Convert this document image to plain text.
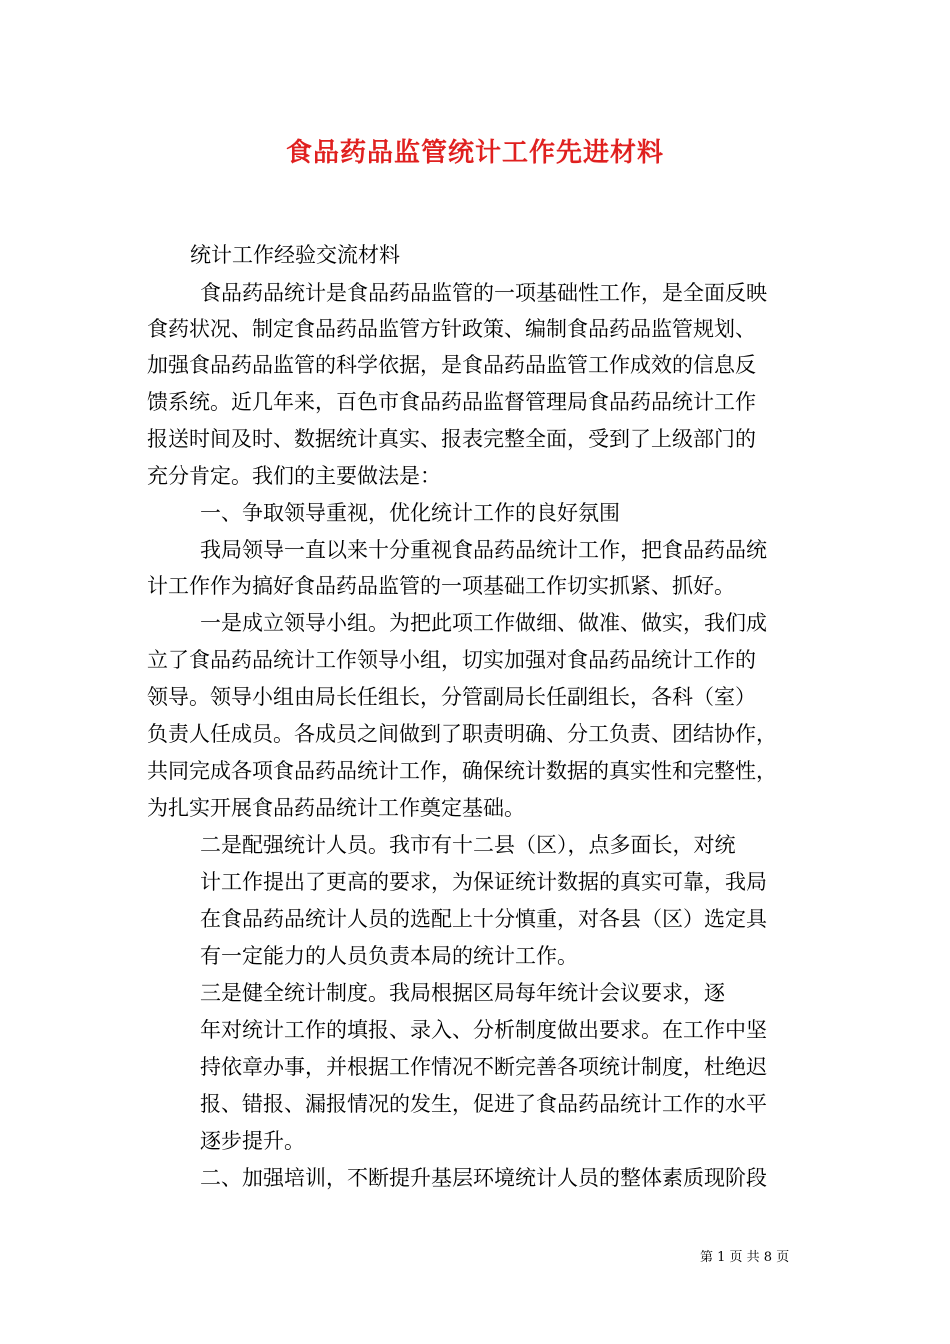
食品药品监管统计工作先进材料
统计工作经验交流材料
食品药品统计是食品药品监管的一项基础性工作，是全面反映
食药状况、制定食品药品监管方针政策、编制食品药品监管规划、
加强食品药品监管的科学依据，是食品药品监管工作成效的信息反
馈系统。近几年来，百色市食品药品监督管理局食品药品统计工作
报送时间及时、数据统计真实、报表完整全面，受到了上级部门的
充分肯定。我们的主要做法是：
一、争取领导重视，优化统计工作的良好氛围
我局领导一直以来十分重视食品药品统计工作，把食品药品统
计工作作为搞好食品药品监管的一项基础工作切实抓紧、抓好。
一是成立领导小组。为把此项工作做细、做准、做实，我们成
立了食品药品统计工作领导小组，切实加强对食品药品统计工作的
领导。领导小组由局长任组长，分管副局长任副组长，各科（室）
负责人任成员。各成员之间做到了职责明确、分工负责、团结协作，
共同完成各项食品药品统计工作，确保统计数据的真实性和完整性，
为扎实开展食品药品统计工作奠定基础。
二是配强统计人员。我市有十二县（区），点多面长，对统
计工作提出了更高的要求，为保证统计数据的真实可靠，我局
在食品药品统计人员的选配上十分慎重，对各县（区）选定具
有一定能力的人员负责本局的统计工作。
三是健全统计制度。我局根据区局每年统计会议要求，逐
年对统计工作的填报、录入、分析制度做出要求。在工作中坚
持依章办事，并根据工作情况不断完善各项统计制度，杜绝迟
报、错报、漏报情况的发生，促进了食品药品统计工作的水平
逐步提升。
二、加强培训，不断提升基层环境统计人员的整体素质现阶段
第 1 页 共 8 页
